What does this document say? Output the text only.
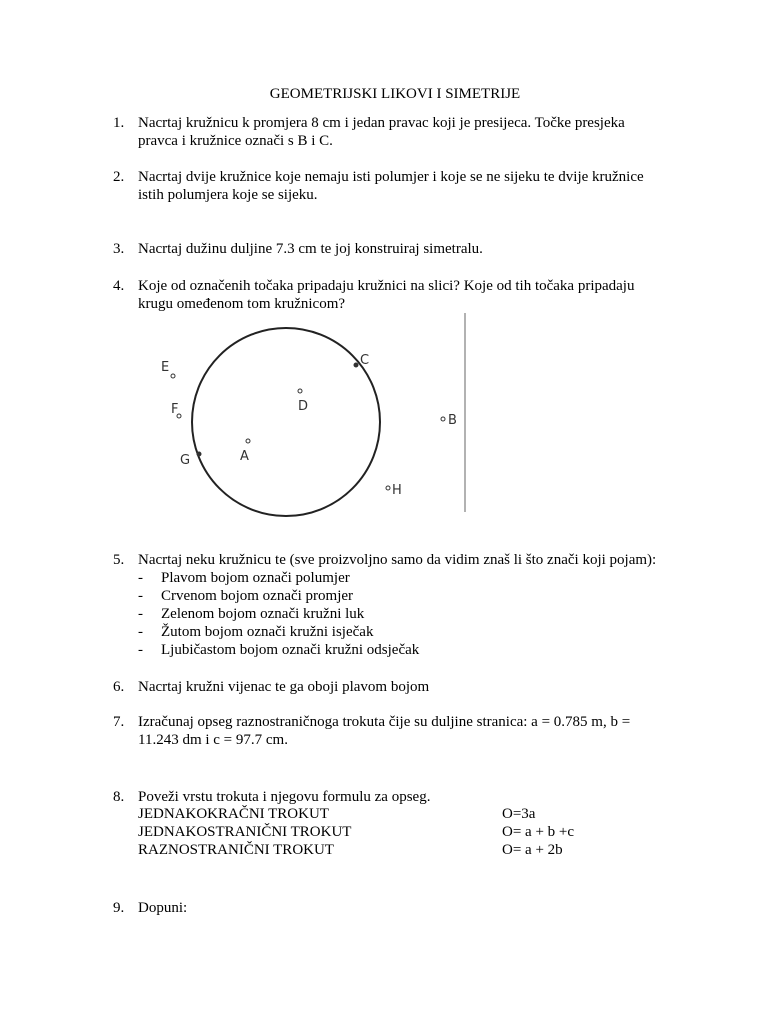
GEOMETRIJSKI LIKOVI I SIMETRIJE
1. Nacrtaj kružnicu k promjera 8 cm i jedan pravac koji je presijeca. Točke presjeka
pravca i kružnice označi s B i C.
2. Nacrtaj dvije kružnice koje nemaju isti polumjer i koje se ne sijeku te dvije kružnice
istih polumjera koje se sijeku.
3. Nacrtaj dužinu duljine 7.3 cm te joj konstruiraj simetralu.
4. Koje od označenih točaka pripadaju kružnici na slici? Koje od tih točaka pripadaju
krugu omeđenom tom kružnicom?
E	C
D
F
B
A
G
H
5. Nacrtaj neku kružnicu te (sve proizvoljno samo da vidim znaš li što znači koji pojam):
- Plavom bojom označi polumjer
- Crvenom bojom označi promjer
- Zelenom bojom označi kružni luk
- Žutom bojom označi kružni isječak
- Ljubičastom bojom označi kružni odsječak
6. Nacrtaj kružni vijenac te ga oboji plavom bojom
7. Izračunaj opseg raznostraničnoga trokuta čije su duljine stranica: a = 0.785 m, b =
11.243 dm i c = 97.7 cm.
8. Poveži vrstu trokuta i njegovu formulu za opseg.
JEDNAKOKRAČNI TROKUT	O=3a
JEDNAKOSTRANIČNI TROKUT	O= a + b +c
RAZNOSTRANIČNI TROKUT	O= a + 2b
9. Dopuni:
